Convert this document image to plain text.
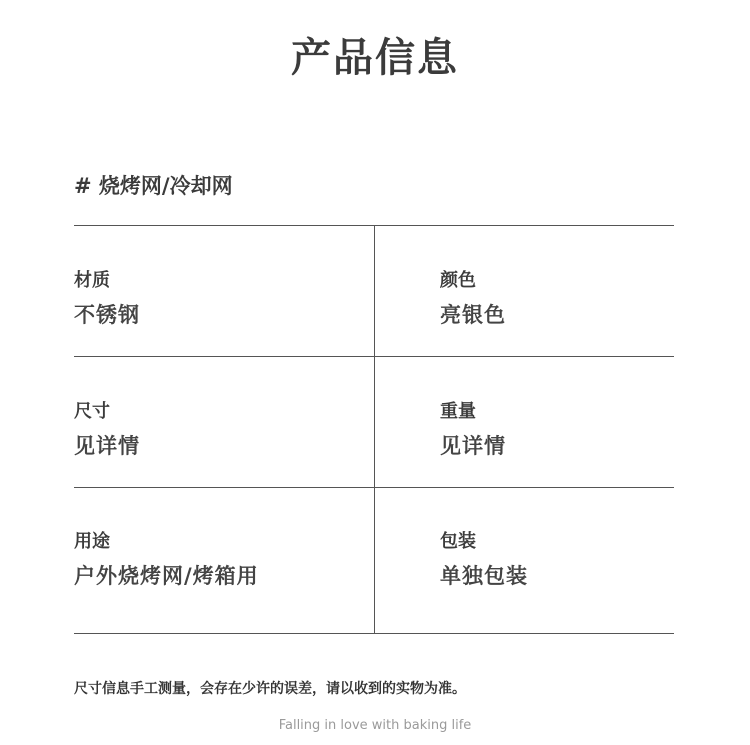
产品信息
# 烧烤网/冷却网
材质
不锈钢
颜色
亮银色
尺寸
见详情
重量
见详情
用途
户外烧烤网/烤箱用
包装
单独包装
尺寸信息手工测量，会存在少许的误差，请以收到的实物为准。
Falling in love with baking life
